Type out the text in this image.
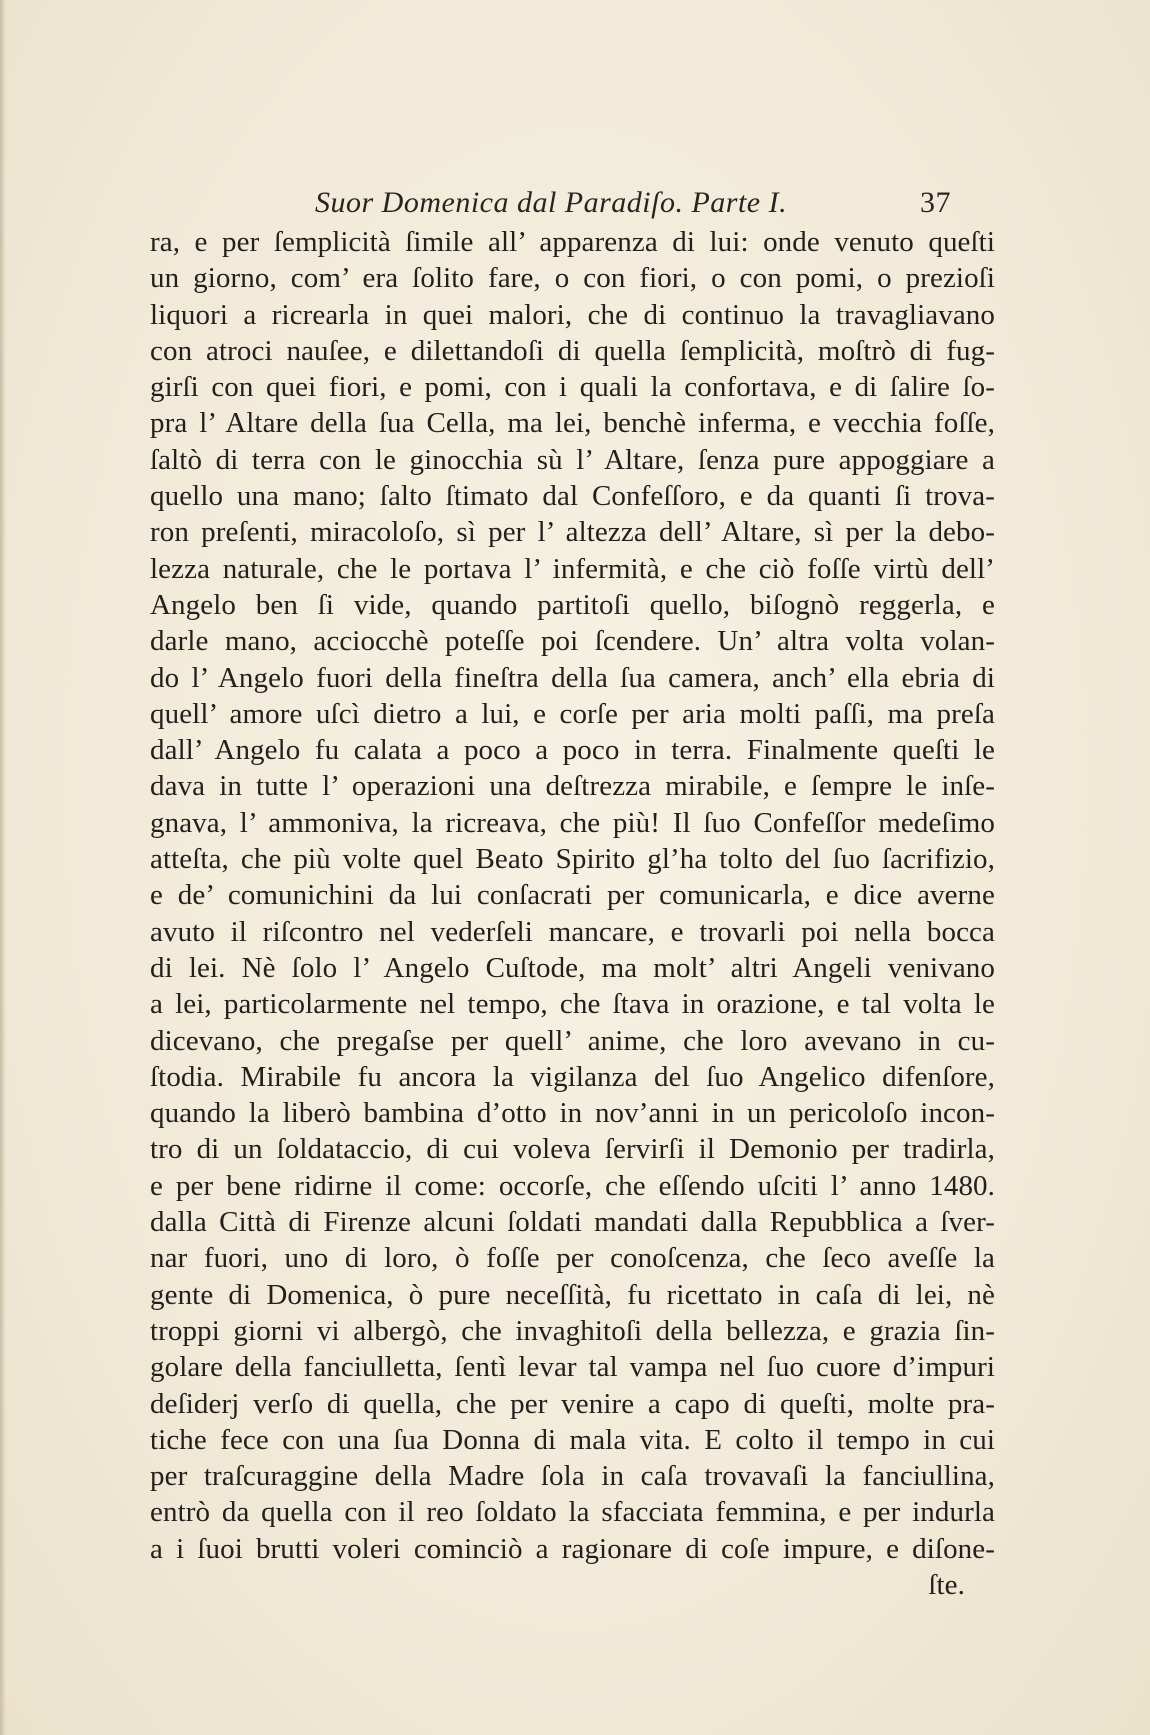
Suor Domenica dal Paradiſo. Parte I.	37
ra, e per ſemplicità ſimile all’ apparenza di lui: onde venuto queſti
un giorno, com’ era ſolito fare, o con fiori, o con pomi, o prezioſi
liquori a ricrearla in quei malori, che di continuo la travagliavano
con atroci nauſee, e dilettandoſi di quella ſemplicità, moſtrò di fug-
girſi con quei fiori, e pomi, con i quali la confortava, e di ſalire ſo-
pra l’ Altare della ſua Cella, ma lei, benchè inferma, e vecchia foſſe,
ſaltò di terra con le ginocchia sù l’ Altare, ſenza pure appoggiare a
quello una mano; ſalto ſtimato dal Confeſſoro, e da quanti ſi trova-
ron preſenti, miracoloſo, sì per l’ altezza dell’ Altare, sì per la debo-
lezza naturale, che le portava l’ infermità, e che ciò foſſe virtù dell’
Angelo ben ſi vide, quando partitoſi quello, biſognò reggerla, e
darle mano, acciocchè poteſſe poi ſcendere. Un’ altra volta volan-
do l’ Angelo fuori della fineſtra della ſua camera, anch’ ella ebria di
quell’ amore uſcì dietro a lui, e corſe per aria molti paſſi, ma preſa
dall’ Angelo fu calata a poco a poco in terra. Finalmente queſti le
dava in tutte l’ operazioni una deſtrezza mirabile, e ſempre le inſe-
gnava, l’ ammoniva, la ricreava, che più! Il ſuo Confeſſor medeſimo
atteſta, che più volte quel Beato Spirito gl’ha tolto del ſuo ſacrifizio,
e de’ comunichini da lui conſacrati per comunicarla, e dice averne
avuto il riſcontro nel vederſeli mancare, e trovarli poi nella bocca
di lei. Nè ſolo l’ Angelo Cuſtode, ma molt’ altri Angeli venivano
a lei, particolarmente nel tempo, che ſtava in orazione, e tal volta le
dicevano, che pregaſse per quell’ anime, che loro avevano in cu-
ſtodia. Mirabile fu ancora la vigilanza del ſuo Angelico difenſore,
quando la liberò bambina d’otto in nov’anni in un pericoloſo incon-
tro di un ſoldataccio, di cui voleva ſervirſi il Demonio per tradirla,
e per bene ridirne il come: occorſe, che eſſendo uſciti l’ anno 1480.
dalla Città di Firenze alcuni ſoldati mandati dalla Repubblica a ſver-
nar fuori, uno di loro, ò foſſe per conoſcenza, che ſeco aveſſe la
gente di Domenica, ò pure neceſſità, fu ricettato in caſa di lei, nè
troppi giorni vi albergò, che invaghitoſi della bellezza, e grazia ſin-
golare della fanciulletta, ſentì levar tal vampa nel ſuo cuore d’impuri
deſiderj verſo di quella, che per venire a capo di queſti, molte pra-
tiche fece con una ſua Donna di mala vita. E colto il tempo in cui
per traſcuraggine della Madre ſola in caſa trovavaſi la fanciullina,
entrò da quella con il reo ſoldato la sfacciata femmina, e per indurla
a i ſuoi brutti voleri cominciò a ragionare di coſe impure, e diſone-
ſte.
